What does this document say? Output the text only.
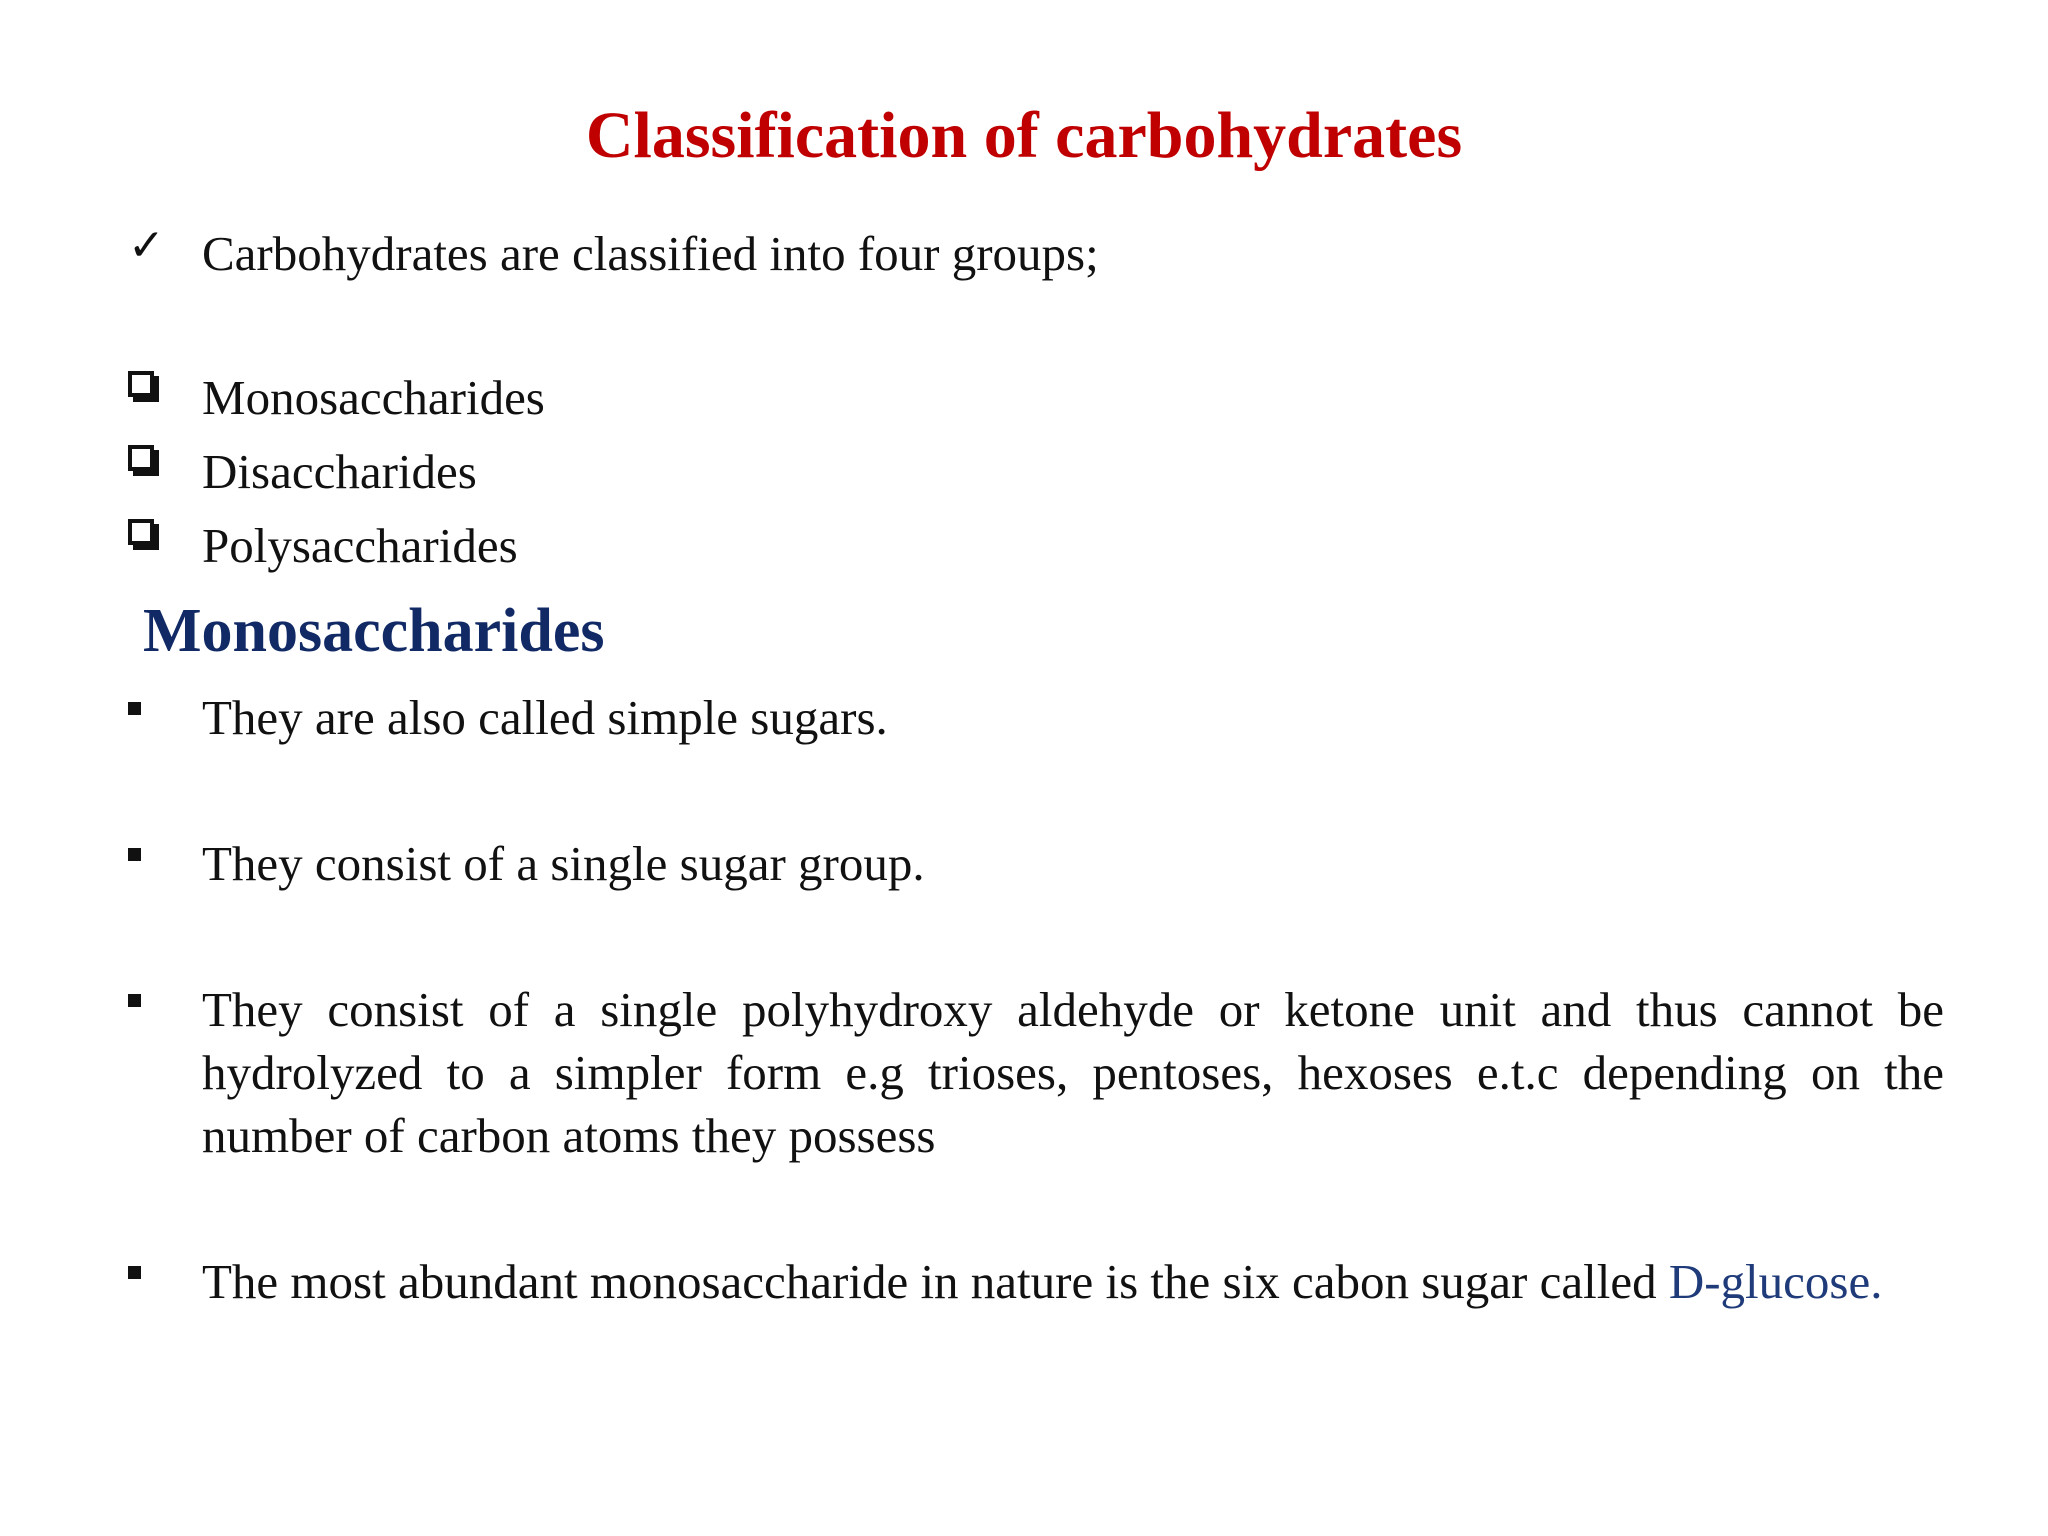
Classification of carbohydrates
✓ Carbohydrates are classified into four groups;
Monosaccharides
Disaccharides
Polysaccharides
Monosaccharides
They are also called simple sugars.
They consist of a single sugar group.
They consist of a single polyhydroxy aldehyde or ketone unit and thus cannot be hydrolyzed to a simpler form e.g trioses, pentoses, hexoses e.t.c depending on the number of carbon atoms they possess
The most abundant monosaccharide in nature is the six cabon sugar called D-glucose.
